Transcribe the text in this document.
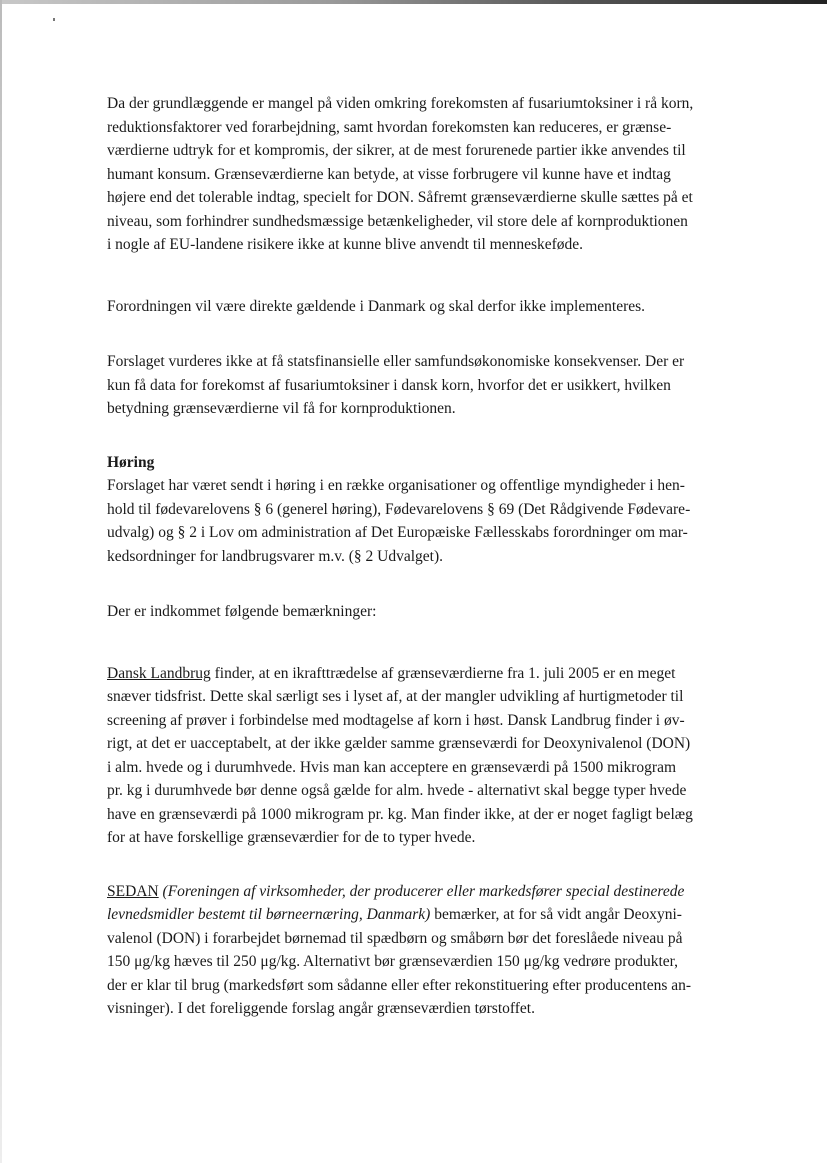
Da der grundlæggende er mangel på viden omkring forekomsten af fusariumtoksiner i rå korn,
reduktionsfaktorer ved forarbejdning, samt hvordan forekomsten kan reduceres, er grænse-
værdierne udtryk for et kompromis, der sikrer, at de mest forurenede partier ikke anvendes til
humant konsum. Grænseværdierne kan betyde, at visse forbrugere vil kunne have et indtag
højere end det tolerable indtag, specielt for DON. Såfremt grænseværdierne skulle sættes på et
niveau, som forhindrer sundhedsmæssige betænkeligheder, vil store dele af kornproduktionen
i nogle af EU-landene risikere ikke at kunne blive anvendt til menneskeføde.

Forordningen vil være direkte gældende i Danmark og skal derfor ikke implementeres.

Forslaget vurderes ikke at få statsfinansielle eller samfundsøkonomiske konsekvenser. Der er
kun få data for forekomst af fusariumtoksiner i dansk korn, hvorfor det er usikkert, hvilken
betydning grænseværdierne vil få for kornproduktionen.

Høring

Forslaget har været sendt i høring i en række organisationer og offentlige myndigheder i hen-
hold til fødevarelovens § 6 (generel høring), Fødevarelovens § 69 (Det Rådgivende Fødevare-
udvalg) og § 2 i Lov om administration af Det Europæiske Fællesskabs forordninger om mar-
kedsordninger for landbrugsvarer m.v. (§ 2 Udvalget).

Der er indkommet følgende bemærkninger:

Dansk Landbrug finder, at en ikrafttrædelse af grænseværdierne fra 1. juli 2005 er en meget
snæver tidsfrist. Dette skal særligt ses i lyset af, at der mangler udvikling af hurtigmetoder til
screening af prøver i forbindelse med modtagelse af korn i høst. Dansk Landbrug finder i øv-
rigt, at det er uacceptabelt, at der ikke gælder samme grænseværdi for Deoxynivalenol (DON)
i alm. hvede og i durumhvede. Hvis man kan acceptere en grænseværdi på 1500 mikrogram
pr. kg i durumhvede bør denne også gælde for alm. hvede - alternativt skal begge typer hvede
have en grænseværdi på 1000 mikrogram pr. kg. Man finder ikke, at der er noget fagligt belæg
for at have forskellige grænseværdier for de to typer hvede.

SEDAN (Foreningen af virksomheder, der producerer eller markedsfører special destinerede
levnedsmidler bestemt til børneernæring, Danmark) bemærker, at for så vidt angår Deoxyni-
valenol (DON) i forarbejdet børnemad til spædbørn og småbørn bør det foreslåede niveau på
150 μg/kg hæves til 250 μg/kg. Alternativt bør grænseværdien 150 μg/kg vedrøre produkter,
der er klar til brug (markedsført som sådanne eller efter rekonstituering efter producentens an-
visninger). I det foreliggende forslag angår grænseværdien tørstoffet.
